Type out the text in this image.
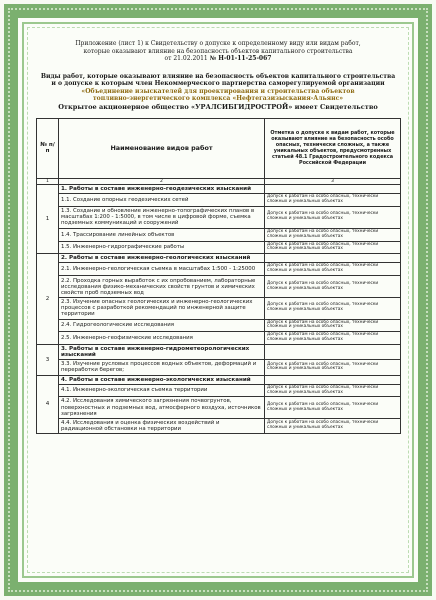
Приложение (лист 1) к Свидетельству о допуске к определенному виду или видам работ,
которые оказывают влияние на безопасность объектов капитального строительства
от 21.02.2011 № Н-01-11-25-067
Виды работ, которые оказывают влияние на безопасность объектов капитального строительства
и о допуске к которым член Некоммерческого партнерства саморегулируемой организации
«Объединение изыскателей для проектирования и строительства объектов
топливно-энергетического комплекса «Нефтегазизыскания-Альянс»
Открытое акционерное общество «УРАЛСИБГИДРОСТРОЙ» имеет Свидетельство
№ п/п	Наименование видов работ	Отметка о допуске к видам работ, которые оказывают влияние на безопасность особо опасных, технически сложных, а также уникальных объектов, предусмотренных статьей 48.1 Градостроительного кодекса Российской Федерации
1	2	3
1	1. Работы в составе инженерно-геодезических изысканий	
	1.1. Создание опорных геодезических сетей	Допуск к работам на особо опасных, технически сложных и уникальных объектах
	1.3. Создание и обновление инженерно-топографических планов в масштабах 1:200 - 1:5000, в том числе в цифровой форме, съемка подземных коммуникаций и сооружений	Допуск к работам на особо опасных, технически сложных и уникальных объектах
	1.4. Трассирование линейных объектов	Допуск к работам на особо опасных, технически сложных и уникальных объектах
	1.5. Инженерно-гидрографические работы	Допуск к работам на особо опасных, технически сложных и уникальных объектах
2	2. Работы в составе инженерно-геологических изысканий	
	2.1. Инженерно-геологическая съемка в масштабах 1:500 - 1:25000	Допуск к работам на особо опасных, технически сложных и уникальных объектах
	2.2. Проходка горных выработок с их опробованием, лабораторные исследования физико-механических свойств грунтов и химических свойств проб подземных вод	Допуск к работам на особо опасных, технически сложных и уникальных объектах
	2.3. Изучение опасных геологических и инженерно-геологических процессов с разработкой рекомендаций по инженерной защите территории	Допуск к работам на особо опасных, технически сложных и уникальных объектах
	2.4. Гидрогеологические исследования	Допуск к работам на особо опасных, технически сложных и уникальных объектах
	2.5. Инженерно-геофизические исследования	Допуск к работам на особо опасных, технически сложных и уникальных объектах
3	3. Работы в составе инженерно-гидрометеорологических изысканий	
	3.3. Изучение русловых процессов водных объектов, деформаций и переработки берегов;	Допуск к работам на особо опасных, технически сложных и уникальных объектах
4	4. Работы в составе инженерно-экологических изысканий	
	4.1. Инженерно-экологическая съемка территории	Допуск к работам на особо опасных, технически сложных и уникальных объектах
	4.2. Исследования химического загрязнения почвогрунтов, поверхностных и подземных вод, атмосферного воздуха, источников загрязнения	Допуск к работам на особо опасных, технически сложных и уникальных объектах
	4.4. Исследования и оценка физических воздействий и радиационной обстановки на территории	Допуск к работам на особо опасных, технически сложных и уникальных объектах
